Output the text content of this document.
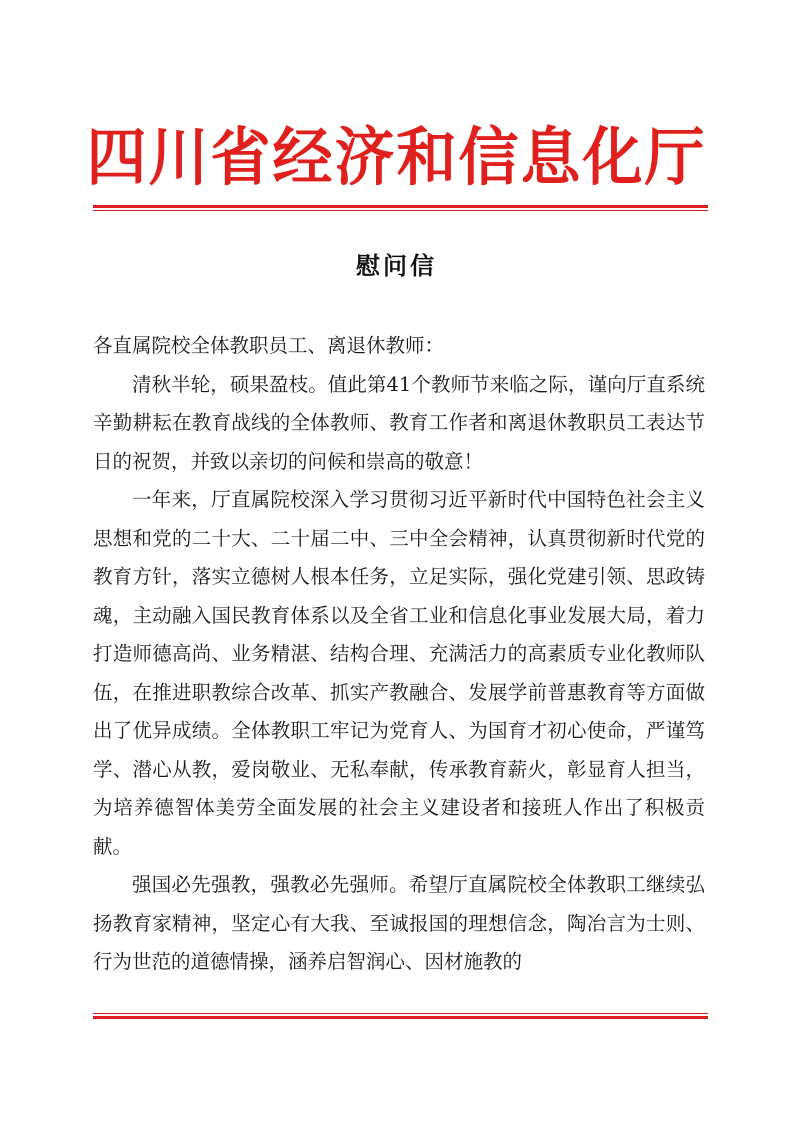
四川省经济和信息化厅
慰问信

各直属院校全体教职员工、离退休教师：

清秋半轮，硕果盈枝。值此第41个教师节来临之际，谨向厅直系统辛勤耕耘在教育战线的全体教师、教育工作者和离退休教职员工表达节日的祝贺，并致以亲切的问候和崇高的敬意！

一年来，厅直属院校深入学习贯彻习近平新时代中国特色社会主义思想和党的二十大、二十届二中、三中全会精神，认真贯彻新时代党的教育方针，落实立德树人根本任务，立足实际，强化党建引领、思政铸魂，主动融入国民教育体系以及全省工业和信息化事业发展大局，着力打造师德高尚、业务精湛、结构合理、充满活力的高素质专业化教师队伍，在推进职教综合改革、抓实产教融合、发展学前普惠教育等方面做出了优异成绩。全体教职工牢记为党育人、为国育才初心使命，严谨笃学、潜心从教，爱岗敬业、无私奉献，传承教育薪火，彰显育人担当，为培养德智体美劳全面发展的社会主义建设者和接班人作出了积极贡献。

强国必先强教，强教必先强师。希望厅直属院校全体教职工继续弘扬教育家精神，坚定心有大我、至诚报国的理想信念，陶冶言为士则、行为世范的道德情操，涵养启智润心、因材施教的
